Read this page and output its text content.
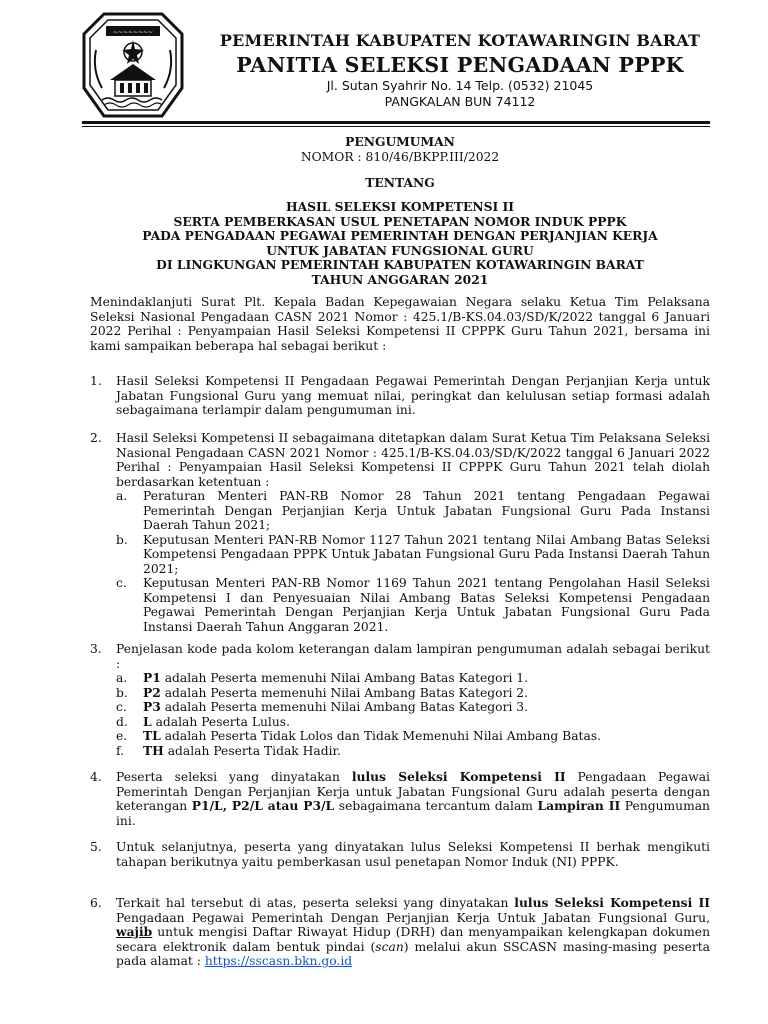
~~~~~~~~	PEMERINTAH KABUPATEN KOTAWARINGIN BARAT
PANITIA SELEKSI PENGADAAN PPPK
Jl. Sutan Syahrir No. 14 Telp. (0532) 21045
PANGKALAN BUN 74112
PENGUMUMAN
NOMOR : 810/46/BKPP.III/2022
TENTANG
HASIL SELEKSI KOMPETENSI II
SERTA PEMBERKASAN USUL PENETAPAN NOMOR INDUK PPPK
PADA PENGADAAN PEGAWAI PEMERINTAH DENGAN PERJANJIAN KERJA
UNTUK JABATAN FUNGSIONAL GURU
DI LINGKUNGAN PEMERINTAH KABUPATEN KOTAWARINGIN BARAT
TAHUN ANGGARAN 2021
Menindaklanjuti Surat Plt. Kepala Badan Kepegawaian Negara selaku Ketua Tim Pelaksana Seleksi Nasional Pengadaan CASN 2021 Nomor : 425.1/B-KS.04.03/SD/K/2022 tanggal 6 Januari 2022 Perihal : Penyampaian Hasil Seleksi Kompetensi II CPPPK Guru Tahun 2021, bersama ini kami sampaikan beberapa hal sebagai berikut :
1. Hasil Seleksi Kompetensi II Pengadaan Pegawai Pemerintah Dengan Perjanjian Kerja untuk Jabatan Fungsional Guru yang memuat nilai, peringkat dan kelulusan setiap formasi adalah sebagaimana terlampir dalam pengumuman ini.
2. Hasil Seleksi Kompetensi II sebagaimana ditetapkan dalam Surat Ketua Tim Pelaksana Seleksi Nasional Pengadaan CASN 2021 Nomor : 425.1/B-KS.04.03/SD/K/2022 tanggal 6 Januari 2022 Perihal : Penyampaian Hasil Seleksi Kompetensi II CPPPK Guru Tahun 2021 telah diolah berdasarkan ketentuan :
a. Peraturan Menteri PAN-RB Nomor 28 Tahun 2021 tentang Pengadaan Pegawai Pemerintah Dengan Perjanjian Kerja Untuk Jabatan Fungsional Guru Pada Instansi Daerah Tahun 2021;
b. Keputusan Menteri PAN-RB Nomor 1127 Tahun 2021 tentang Nilai Ambang Batas Seleksi Kompetensi Pengadaan PPPK Untuk Jabatan Fungsional Guru Pada Instansi Daerah Tahun 2021;
c. Keputusan Menteri PAN-RB Nomor 1169 Tahun 2021 tentang Pengolahan Hasil Seleksi Kompetensi I dan Penyesuaian Nilai Ambang Batas Seleksi Kompetensi Pengadaan Pegawai Pemerintah Dengan Perjanjian Kerja Untuk Jabatan Fungsional Guru Pada Instansi Daerah Tahun Anggaran 2021.
3. Penjelasan kode pada kolom keterangan dalam lampiran pengumuman adalah sebagai berikut :
a. P1 adalah Peserta memenuhi Nilai Ambang Batas Kategori 1.
b. P2 adalah Peserta memenuhi Nilai Ambang Batas Kategori 2.
c. P3 adalah Peserta memenuhi Nilai Ambang Batas Kategori 3.
d. L adalah Peserta Lulus.
e. TL adalah Peserta Tidak Lolos dan Tidak Memenuhi Nilai Ambang Batas.
f. TH adalah Peserta Tidak Hadir.
4. Peserta seleksi yang dinyatakan lulus Seleksi Kompetensi II Pengadaan Pegawai Pemerintah Dengan Perjanjian Kerja untuk Jabatan Fungsional Guru adalah peserta dengan keterangan P1/L, P2/L atau P3/L sebagaimana tercantum dalam Lampiran II Pengumuman ini.
5. Untuk selanjutnya, peserta yang dinyatakan lulus Seleksi Kompetensi II berhak mengikuti tahapan berikutnya yaitu pemberkasan usul penetapan Nomor Induk (NI) PPPK.
6. Terkait hal tersebut di atas, peserta seleksi yang dinyatakan lulus Seleksi Kompetensi II Pengadaan Pegawai Pemerintah Dengan Perjanjian Kerja Untuk Jabatan Fungsional Guru, wajib untuk mengisi Daftar Riwayat Hidup (DRH) dan menyampaikan kelengkapan dokumen secara elektronik dalam bentuk pindai (scan) melalui akun SSCASN masing-masing peserta pada alamat : https://sscasn.bkn.go.id
